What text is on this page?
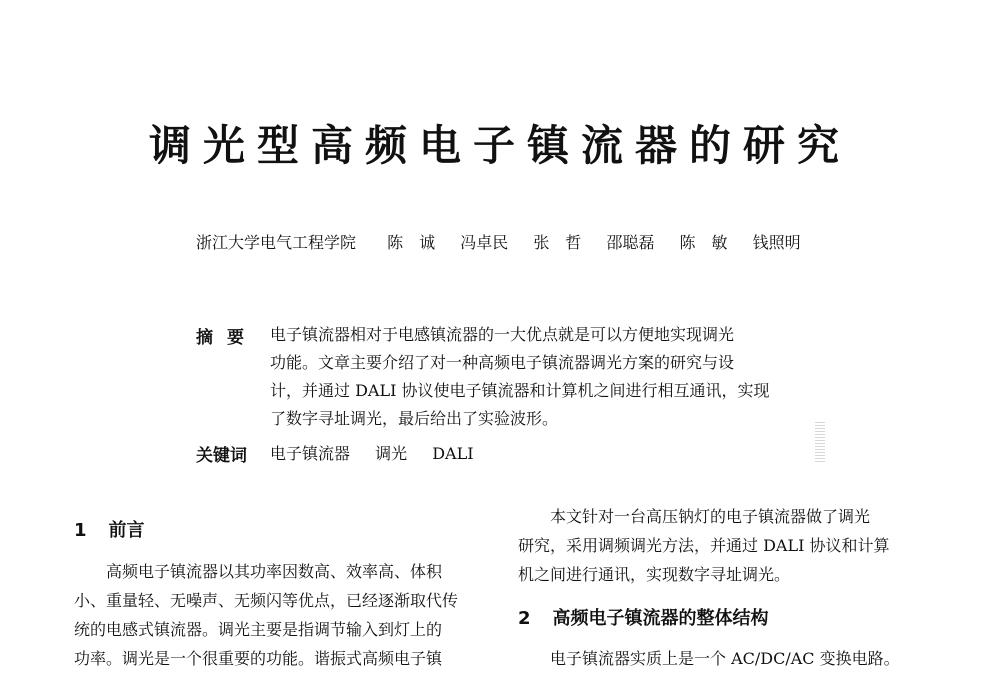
调光型高频电子镇流器的研究
浙江大学电气工程学院 陈　诚 冯卓民 张　哲 邵聪磊 陈　敏 钱照明
摘要 电子镇流器相对于电感镇流器的一大优点就是可以方便地实现调光
功能。文章主要介绍了对一种高频电子镇流器调光方案的研究与设
计，并通过 DALI 协议使电子镇流器和计算机之间进行相互通讯，实现
了数字寻址调光，最后给出了实验波形。
关键词 电子镇流器 调光 DALI
1 前言
　　高频电子镇流器以其功率因数高、效率高、体积
小、重量轻、无噪声、无频闪等优点，已经逐渐取代传
统的电感式镇流器。调光主要是指调节输入到灯上的
功率。调光是一个很重要的功能。谐振式高频电子镇
　　本文针对一台高压钠灯的电子镇流器做了调光
研究，采用调频调光方法，并通过 DALI 协议和计算
机之间进行通讯，实现数字寻址调光。
2 高频电子镇流器的整体结构
　　电子镇流器实质上是一个 AC/DC/AC 变换电路。
